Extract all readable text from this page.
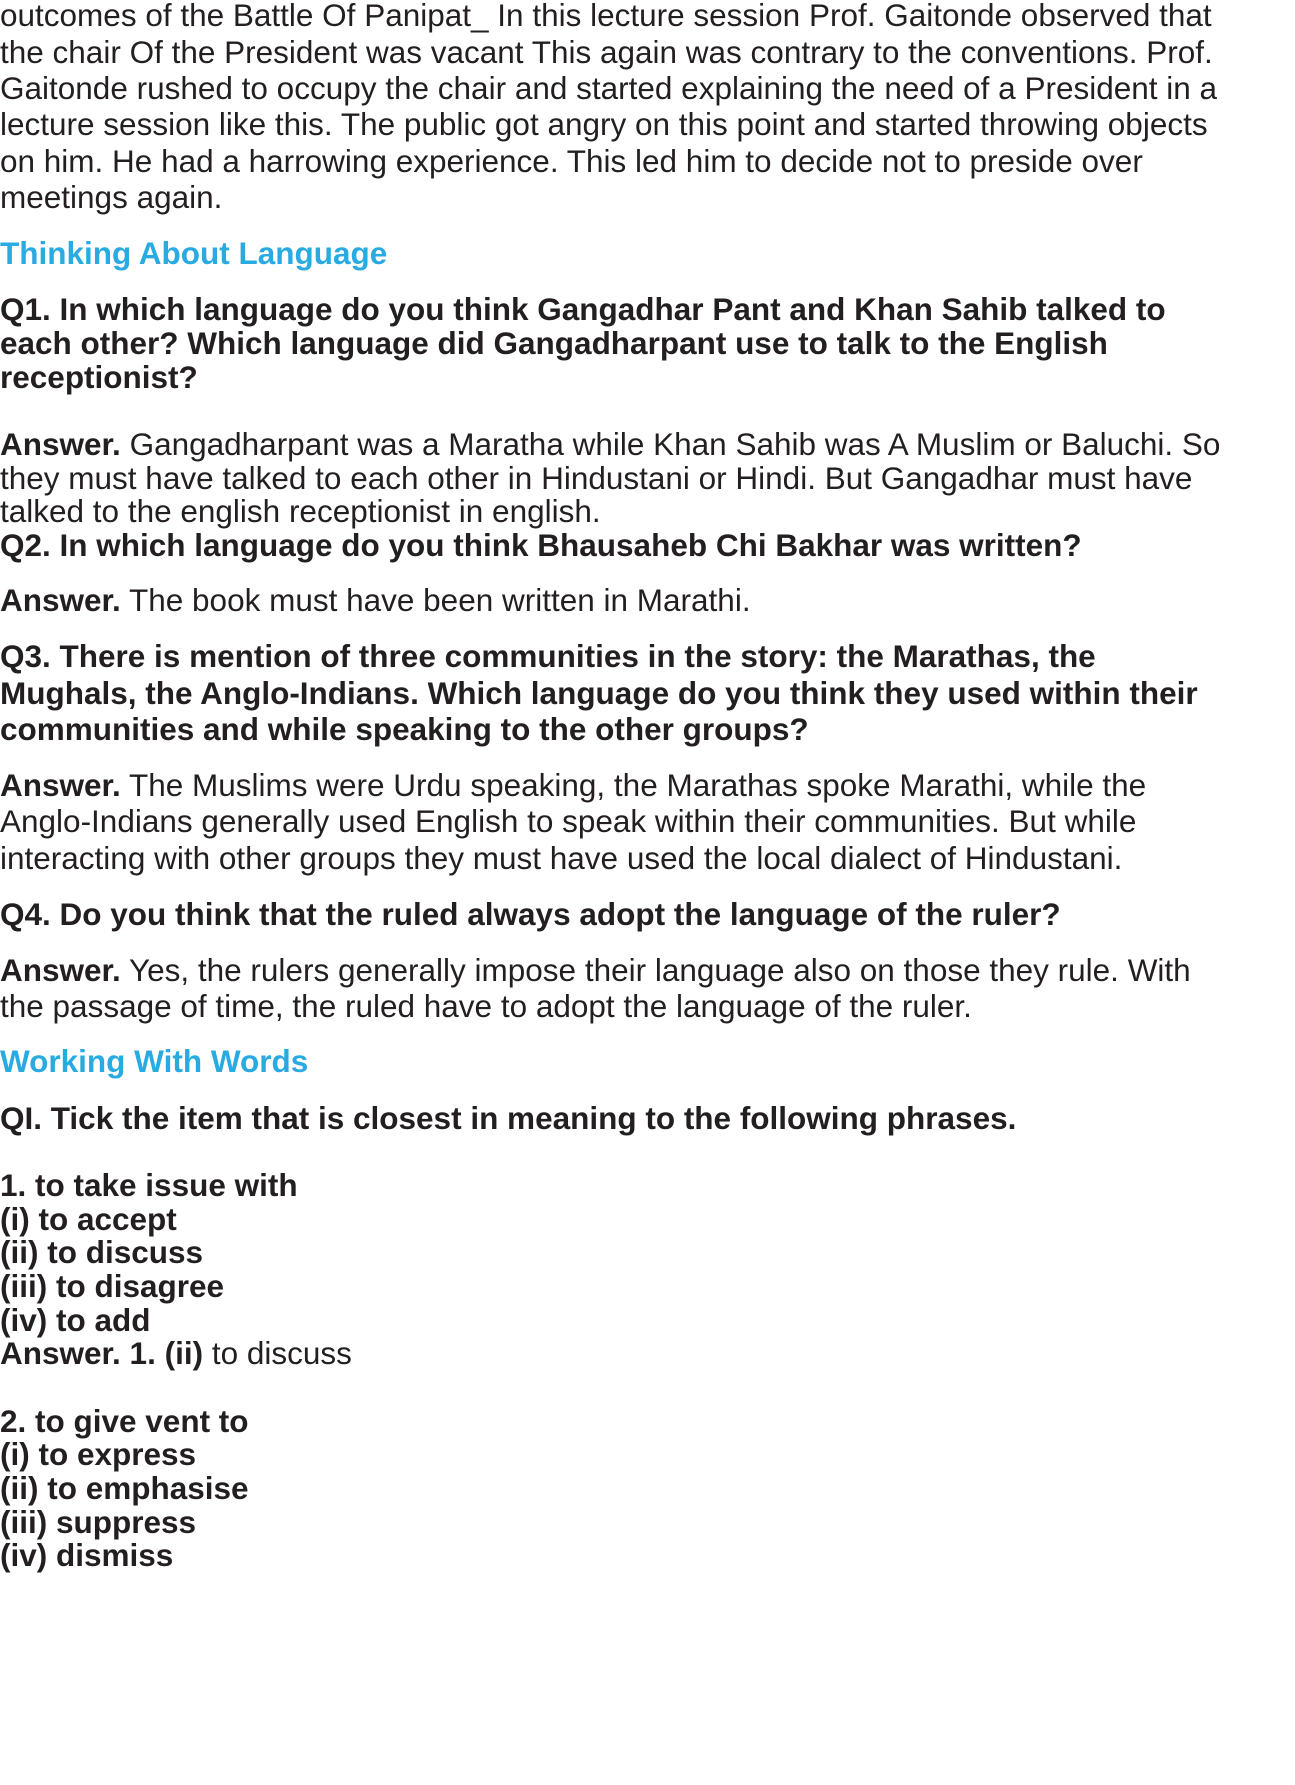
outcomes of the Battle Of Panipat_ In this lecture session Prof. Gaitonde observed that
the chair Of the President was vacant This again was contrary to the conventions. Prof.
Gaitonde rushed to occupy the chair and started explaining the need of a President in a
lecture session like this. The public got angry on this point and started throwing objects
on him. He had a harrowing experience. This led him to decide not to preside over
meetings again.
Thinking About Language
Q1. In which language do you think Gangadhar Pant and Khan Sahib talked to
each other? Which language did Gangadharpant use to talk to the English
receptionist?
Answer. Gangadharpant was a Maratha while Khan Sahib was A Muslim or Baluchi. So
they must have talked to each other in Hindustani or Hindi. But Gangadhar must have
talked to the english receptionist in english.
Q2. In which language do you think Bhausaheb Chi Bakhar was written?
Answer. The book must have been written in Marathi.
Q3. There is mention of three communities in the story: the Marathas, the
Mughals, the Anglo-Indians. Which language do you think they used within their
communities and while speaking to the other groups?
Answer. The Muslims were Urdu speaking, the Marathas spoke Marathi, while the
Anglo-Indians generally used English to speak within their communities. But while
interacting with other groups they must have used the local dialect of Hindustani.
Q4. Do you think that the ruled always adopt the language of the ruler?
Answer. Yes, the rulers generally impose their language also on those they rule. With
the passage of time, the ruled have to adopt the language of the ruler.
Working With Words
QI. Tick the item that is closest in meaning to the following phrases.
1. to take issue with
(i) to accept
(ii) to discuss
(iii) to disagree
(iv) to add
Answer. 1. (ii) to discuss
2. to give vent to
(i) to express
(ii) to emphasise
(iii) suppress
(iv) dismiss
